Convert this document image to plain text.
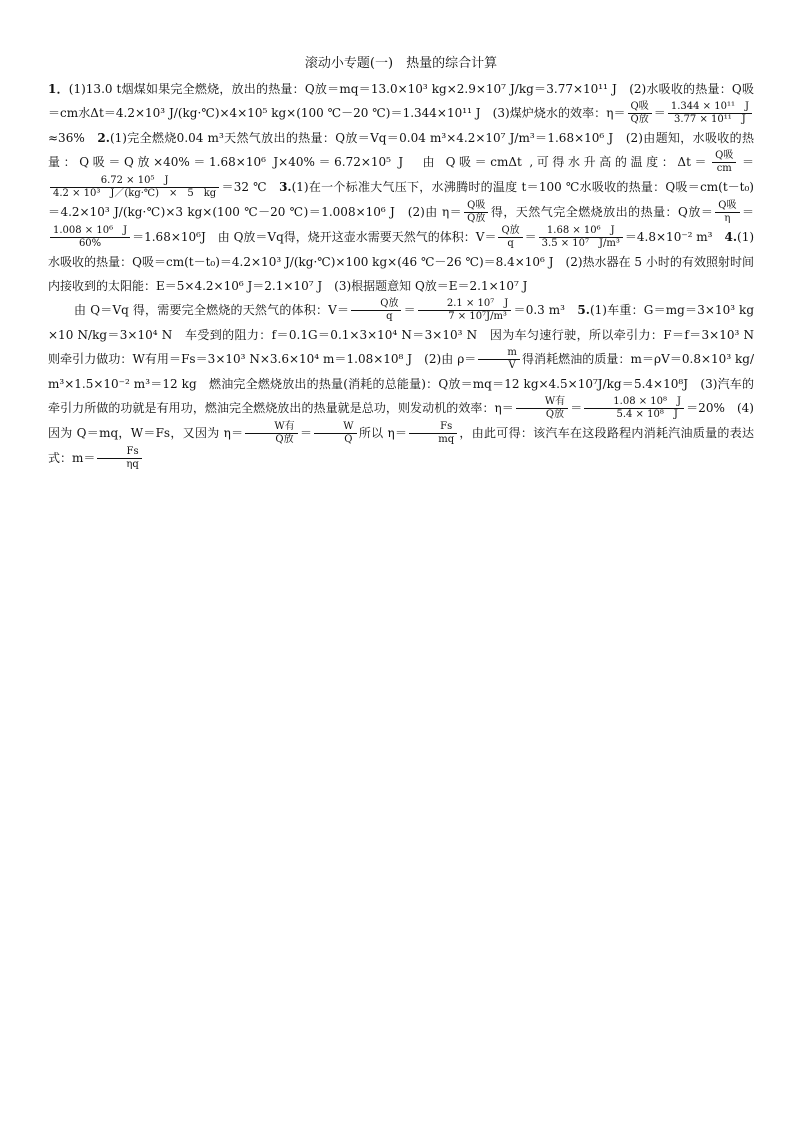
滚动小专题(一)　热量的综合计算

1．(1)13.0 t烟煤如果完全燃烧，放出的热量：Q放＝mq＝13.0×10³ kg×2.9×10⁷ J/kg＝3.77×10¹¹ J　(2)水吸收的热量：Q吸＝cm水Δt＝4.2×10³ J/(kg·℃)×4×10⁵ kg×(100 ℃－20 ℃)＝1.344×10¹¹ J　(3)煤炉烧水的效率：η＝ Q吸
Q放 ＝ $\frac{\text{1.344 × 10¹¹　J}}{\text{3.77 × 10¹¹　J}}$
≈36%　2.(1)完全燃烧0.04 m³天然气放出的热量：Q放＝Vq＝0.04 m³×4.2×10⁷ J/m³＝1.68×10⁶ J　(2)由题知，水吸收的热量：Q吸＝Q放×40%＝1.68×10⁶ J×40%＝6.72×10⁵ J　由 Q吸＝cmΔt ,可得水升高的温度：Δt＝ Q吸
cm ＝
$\frac{\text{6.72 × 10⁵　J}}{\text{4.2 × 10³　J／(kg·℃)　×　5　kg}} =32$ ℃　3.(1)在一个标准大气压下，水沸腾时的温度 t＝100 ℃水吸收的热量：Q吸＝cm(t－t₀)＝4.2×10³ J/(kg·℃)×3 kg×(100 ℃－20 ℃)＝1.008×10⁶ J　(2)由 η＝ Q吸
Q放 得，天然气完全燃烧放出的热量：Q放＝ Q吸
η ＝
$\frac{\text{1.008 × 10⁶　J}}{60\%} =1.68\times 10^6J$　由 Q放＝Vq得，烧开这壶水需要天然气的体积：V＝ Q放
$q = \frac{\text{1.68 × 10⁶　J}}{\text{3.5 × 10⁷　J/m³}} =4.8\times 10^{-2}$ m³　4.(1)水吸收的热量：Q吸＝cm(t－t₀)＝4.2×10³ J/(kg·℃)×100 kg×(46 ℃－26 ℃)＝8.4×10⁶ J　(2)热水器在 5 小时的有效照射时间内接收到的太阳能：E＝5×4.2×10⁶ J＝2.1×10⁷ J　(3)根据题意知 Q放＝E＝2.1×10⁷ J

由 Q＝Vq 得，需要完全燃烧的天然气的体积：V＝	Q放
$q = \frac{\text{2.1 × 10⁷　J}}{\text{7 × 10⁷J/m³}} =0.3$ m³　5.(1)车重：G＝mg＝3×10³ kg×10 N/kg＝3×10⁴ N　车受到的阻力：f＝0.1G＝0.1×3×10⁴ N＝3×10³ N　因为车匀速行驶，所以牵引力：F＝f＝3×10³ N　则牵引力做功：W有用＝Fs＝3×10³ N×3.6×10⁴ m＝1.08×10⁸ J　(2)由 $\rho= \frac{m}{V}$ 得消耗燃油的质量：m＝ρV＝0.8×10³ kg/m³×1.5×10⁻² m³＝12 kg　燃油完全燃烧放出的热量(消耗的总能量)：Q放＝mq＝12 kg×4.5×10⁷J/kg＝5.4×10⁸J　(3)汽车的牵引力所做的功就是有用功，燃油完全燃烧放出的热量就是总功，则发动机的效率：η＝	W有
Q放 ＝ $\frac{\text{1.08 × 10⁸　J}}{\text{5.4 × 10⁸　J}} =20\%$　(4)因为 Q＝mq，W＝Fs，又因为 η＝	W有
Q放 ＝ $\frac{W}{Q}$ 所以 $\eta= \frac{Fs}{mq}$ ，由此可得：该汽车在这段路程内消耗汽油质量的表达式：$m= \frac{Fs}{\eta q}$
